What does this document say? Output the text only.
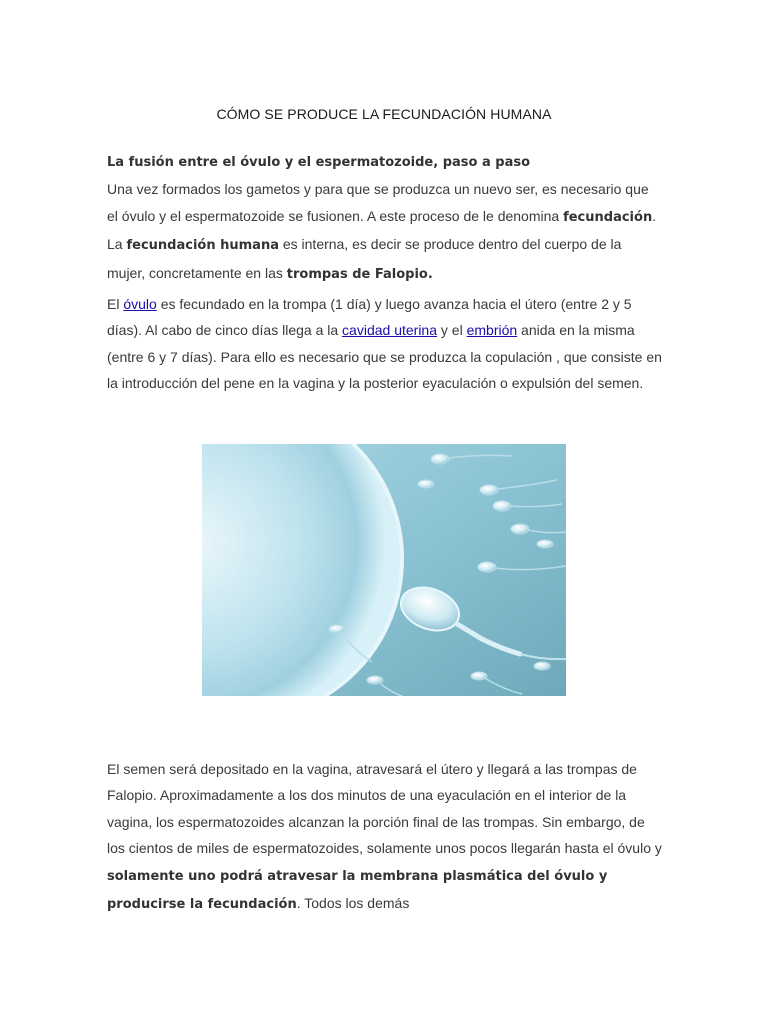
CÓMO SE PRODUCE LA FECUNDACIÓN HUMANA
La fusión entre el óvulo y el espermatozoide, paso a paso
Una vez formados los gametos y para que se produzca un nuevo ser, es necesario que el óvulo y el espermatozoide se fusionen. A este proceso de le denomina fecundación. La fecundación humana es interna, es decir se produce dentro del cuerpo de la mujer, concretamente en las trompas de Falopio.
El óvulo es fecundado en la trompa (1 día) y luego avanza hacia el útero (entre 2 y 5 días). Al cabo de cinco días llega a la cavidad uterina y el embrión anida en la misma (entre 6 y 7 días). Para ello es necesario que se produzca la copulación , que consiste en la introducción del pene en la vagina y la posterior eyaculación o expulsión del semen.
El semen será depositado en la vagina, atravesará el útero y llegará a las trompas de Falopio. Aproximadamente a los dos minutos de una eyaculación en el interior de la vagina, los espermatozoides alcanzan la porción final de las trompas. Sin embargo, de los cientos de miles de espermatozoides, solamente unos pocos llegarán hasta el óvulo y solamente uno podrá atravesar la membrana plasmática del óvulo y producirse la fecundación. Todos los demás
